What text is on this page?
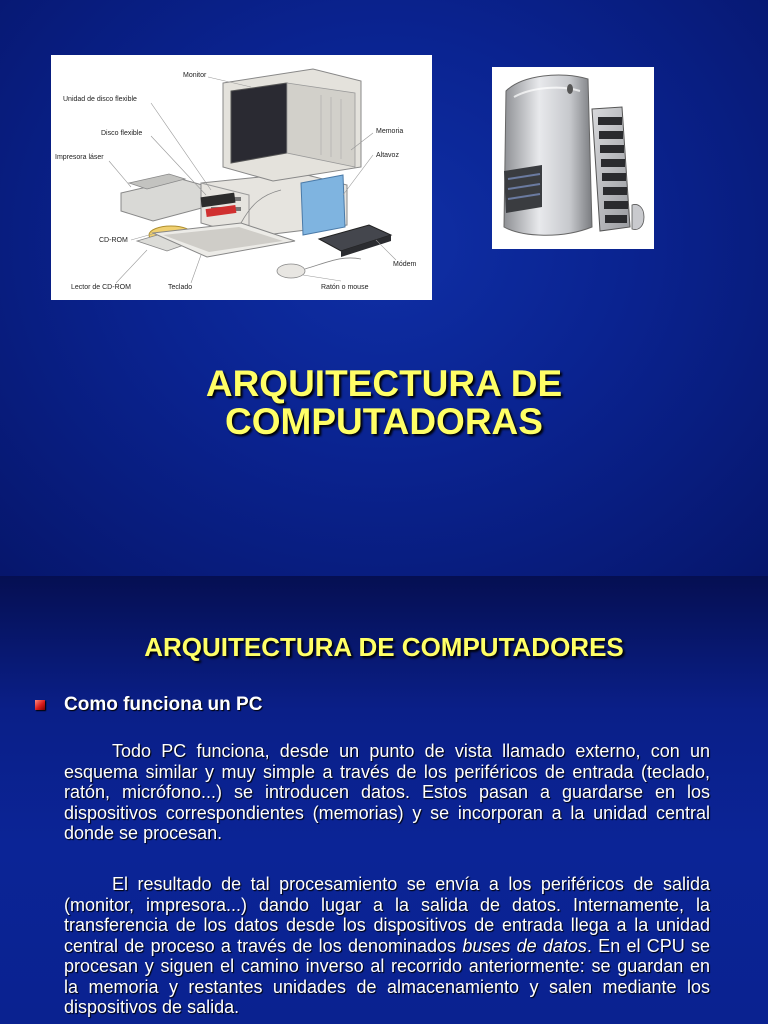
Monitor
Unidad de disco flexible
Disco flexible
Impresora láser
Memoria
Altavoz
CD-ROM
Módem
Lector de CD-ROM	Teclado	Ratón o mouse
ARQUITECTURA DE
COMPUTADORAS
ARQUITECTURA DE COMPUTADORES
Como funciona un PC

Todo PC funciona, desde un punto de vista llamado externo, con un esquema similar y muy simple a través de los periféricos de entrada (teclado, ratón, micrófono...) se introducen datos. Estos pasan a guardarse en los dispositivos correspondientes (memorias) y se incorporan a la unidad central donde se procesan.

El resultado de tal procesamiento se envía a los periféricos de salida (monitor, impresora...) dando lugar a la salida de datos. Internamente, la transferencia de los datos desde los dispositivos de entrada llega a la unidad central de proceso a través de los denominados buses de datos. En el CPU se procesan y siguen el camino inverso al recorrido anteriormente: se guardan en la memoria y restantes unidades de almacenamiento y salen mediante los dispositivos de salida.
